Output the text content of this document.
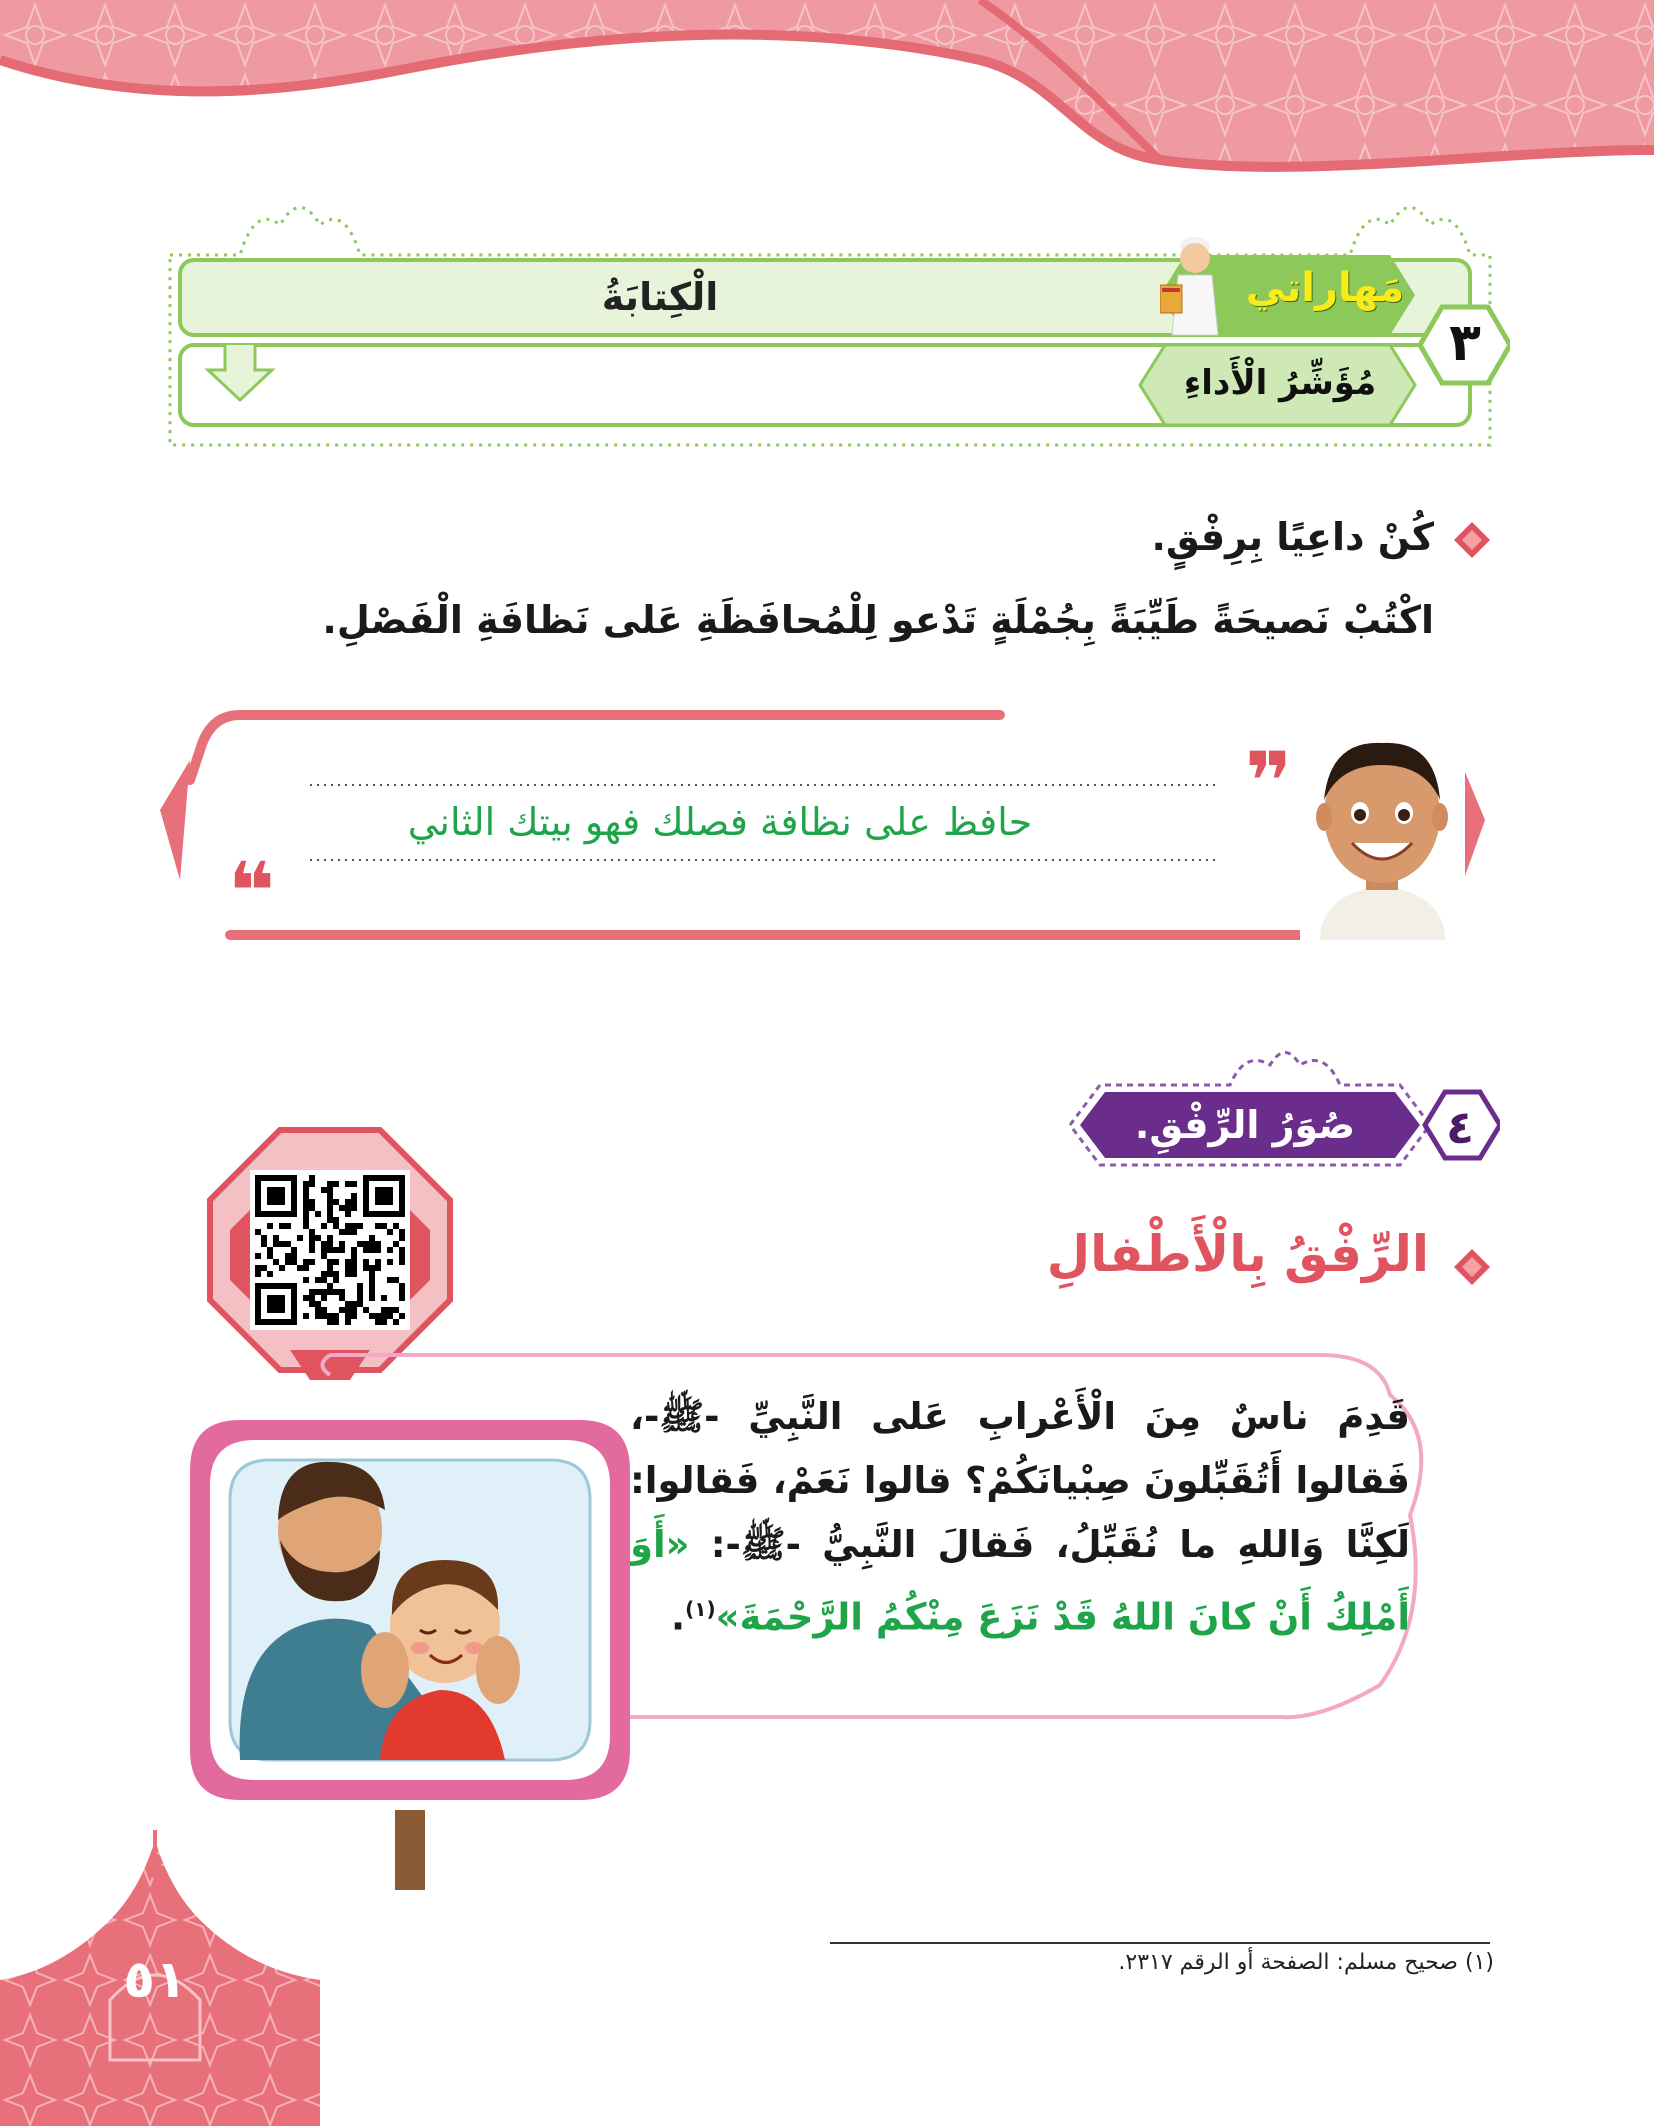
مَهاراتي
الْكِتابَةُ
مُؤَشِّرُ الْأَداءِ
٣
كُنْ داعِيًا بِرِفْقٍ.
اكْتُبْ نَصيحَةً طَيِّبَةً بِجُمْلَةٍ تَدْعو لِلْمُحافَظَةِ عَلى نَظافَةِ الْفَصْلِ.
❞
❝
حافظ على نظافة فصلك فهو بيتك الثاني
صُوَرُ الرِّفْقِ.	٤
الرِّفْقُ بِالْأَطْفالِ
قَدِمَ ناسٌ مِنَ الْأَعْرابِ عَلى النَّبِيِّ -ﷺ-، فَقالوا أَتُقَبِّلونَ صِبْيانَكُمْ؟ قالوا نَعَمْ، فَقالوا: لَكِنَّا وَاللهِ ما نُقَبِّلُ، فَقالَ النَّبِيُّ -ﷺ-: «أَوَ أَمْلِكُ أَنْ كانَ اللهُ قَدْ نَزَعَ مِنْكُمُ الرَّحْمَةَ»$^{(١)}$.
(١) صحيح مسلم: الصفحة أو الرقم ٢٣١٧.
٥١
